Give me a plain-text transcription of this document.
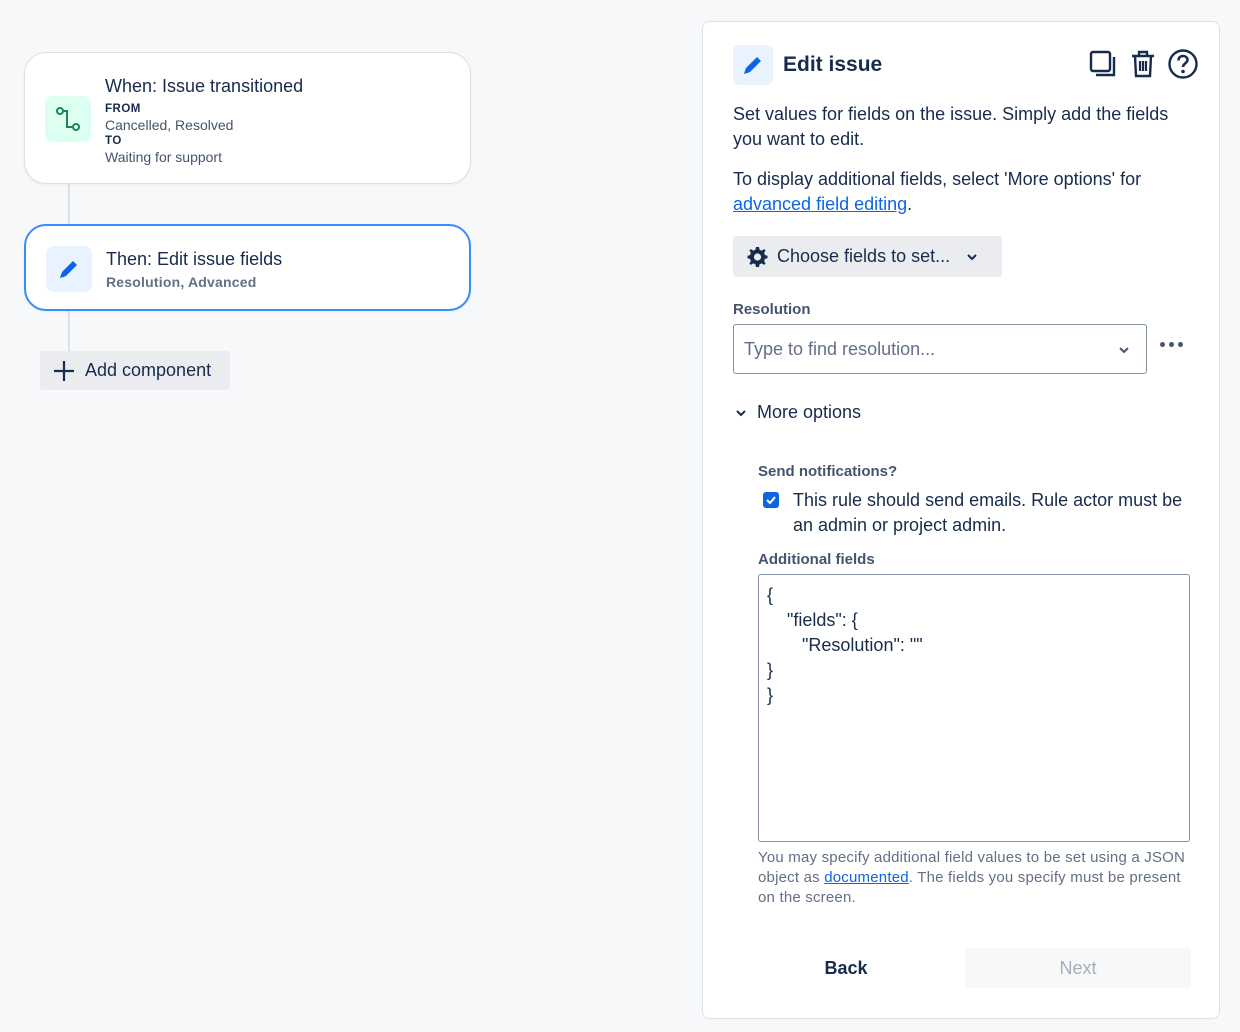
When: Issue transitioned
FROM
Cancelled, Resolved
TO
Waiting for support
Then: Edit issue fields
Resolution, Advanced
Add component
Edit issue
Set values for fields on the issue. Simply add the fields you want to edit.
To display additional fields, select 'More options' for advanced field editing.
Choose fields to set...
Resolution
Type to find resolution...
More options
Send notifications?
This rule should send emails. Rule actor must be an admin or project admin.
Additional fields
{ "fields": { "Resolution": "" } }
You may specify additional field values to be set using a JSON object as documented. The fields you specify must be present on the screen.
Back	Next
